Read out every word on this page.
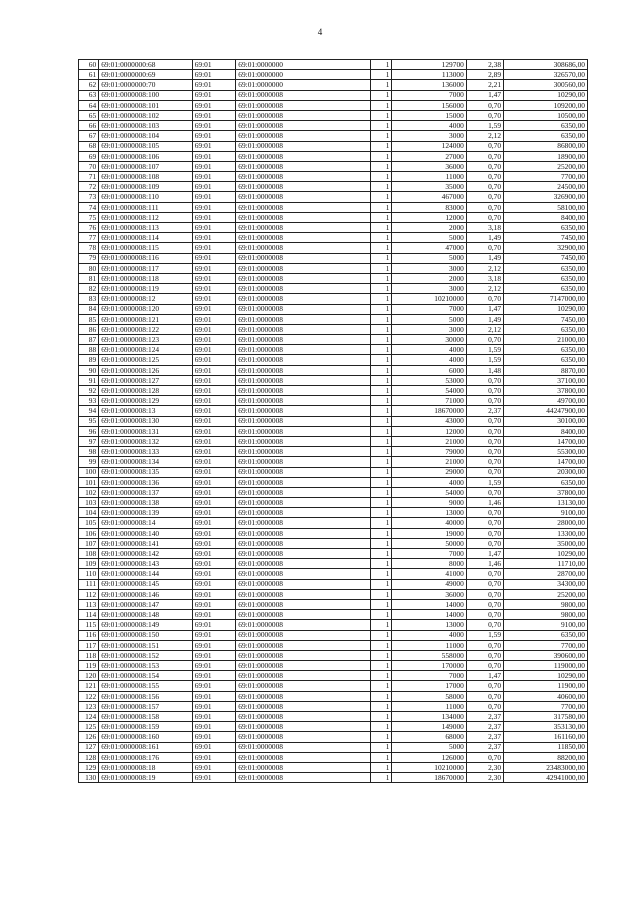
4
60	69:01:0000000:68	69:01	69:01:0000000	1	129700	2,38	308686,00
61	69:01:0000000:69	69:01	69:01:0000000	1	113000	2,89	326570,00
62	69:01:0000000:70	69:01	69:01:0000000	1	136000	2,21	300560,00
63	69:01:0000008:100	69:01	69:01:0000008	1	7000	1,47	10290,00
64	69:01:0000008:101	69:01	69:01:0000008	1	156000	0,70	109200,00
65	69:01:0000008:102	69:01	69:01:0000008	1	15000	0,70	10500,00
66	69:01:0000008:103	69:01	69:01:0000008	1	4000	1,59	6350,00
67	69:01:0000008:104	69:01	69:01:0000008	1	3000	2,12	6350,00
68	69:01:0000008:105	69:01	69:01:0000008	1	124000	0,70	86800,00
69	69:01:0000008:106	69:01	69:01:0000008	1	27000	0,70	18900,00
70	69:01:0000008:107	69:01	69:01:0000008	1	36000	0,70	25200,00
71	69:01:0000008:108	69:01	69:01:0000008	1	11000	0,70	7700,00
72	69:01:0000008:109	69:01	69:01:0000008	1	35000	0,70	24500,00
73	69:01:0000008:110	69:01	69:01:0000008	1	467000	0,70	326900,00
74	69:01:0000008:111	69:01	69:01:0000008	1	83000	0,70	58100,00
75	69:01:0000008:112	69:01	69:01:0000008	1	12000	0,70	8400,00
76	69:01:0000008:113	69:01	69:01:0000008	1	2000	3,18	6350,00
77	69:01:0000008:114	69:01	69:01:0000008	1	5000	1,49	7450,00
78	69:01:0000008:115	69:01	69:01:0000008	1	47000	0,70	32900,00
79	69:01:0000008:116	69:01	69:01:0000008	1	5000	1,49	7450,00
80	69:01:0000008:117	69:01	69:01:0000008	1	3000	2,12	6350,00
81	69:01:0000008:118	69:01	69:01:0000008	1	2000	3,18	6350,00
82	69:01:0000008:119	69:01	69:01:0000008	1	3000	2,12	6350,00
83	69:01:0000008:12	69:01	69:01:0000008	1	10210000	0,70	7147000,00
84	69:01:0000008:120	69:01	69:01:0000008	1	7000	1,47	10290,00
85	69:01:0000008:121	69:01	69:01:0000008	1	5000	1,49	7450,00
86	69:01:0000008:122	69:01	69:01:0000008	1	3000	2,12	6350,00
87	69:01:0000008:123	69:01	69:01:0000008	1	30000	0,70	21000,00
88	69:01:0000008:124	69:01	69:01:0000008	1	4000	1,59	6350,00
89	69:01:0000008:125	69:01	69:01:0000008	1	4000	1,59	6350,00
90	69:01:0000008:126	69:01	69:01:0000008	1	6000	1,48	8870,00
91	69:01:0000008:127	69:01	69:01:0000008	1	53000	0,70	37100,00
92	69:01:0000008:128	69:01	69:01:0000008	1	54000	0,70	37800,00
93	69:01:0000008:129	69:01	69:01:0000008	1	71000	0,70	49700,00
94	69:01:0000008:13	69:01	69:01:0000008	1	18670000	2,37	44247900,00
95	69:01:0000008:130	69:01	69:01:0000008	1	43000	0,70	30100,00
96	69:01:0000008:131	69:01	69:01:0000008	1	12000	0,70	8400,00
97	69:01:0000008:132	69:01	69:01:0000008	1	21000	0,70	14700,00
98	69:01:0000008:133	69:01	69:01:0000008	1	79000	0,70	55300,00
99	69:01:0000008:134	69:01	69:01:0000008	1	21000	0,70	14700,00
100	69:01:0000008:135	69:01	69:01:0000008	1	29000	0,70	20300,00
101	69:01:0000008:136	69:01	69:01:0000008	1	4000	1,59	6350,00
102	69:01:0000008:137	69:01	69:01:0000008	1	54000	0,70	37800,00
103	69:01:0000008:138	69:01	69:01:0000008	1	9000	1,46	13130,00
104	69:01:0000008:139	69:01	69:01:0000008	1	13000	0,70	9100,00
105	69:01:0000008:14	69:01	69:01:0000008	1	40000	0,70	28000,00
106	69:01:0000008:140	69:01	69:01:0000008	1	19000	0,70	13300,00
107	69:01:0000008:141	69:01	69:01:0000008	1	50000	0,70	35000,00
108	69:01:0000008:142	69:01	69:01:0000008	1	7000	1,47	10290,00
109	69:01:0000008:143	69:01	69:01:0000008	1	8000	1,46	11710,00
110	69:01:0000008:144	69:01	69:01:0000008	1	41000	0,70	28700,00
111	69:01:0000008:145	69:01	69:01:0000008	1	49000	0,70	34300,00
112	69:01:0000008:146	69:01	69:01:0000008	1	36000	0,70	25200,00
113	69:01:0000008:147	69:01	69:01:0000008	1	14000	0,70	9800,00
114	69:01:0000008:148	69:01	69:01:0000008	1	14000	0,70	9800,00
115	69:01:0000008:149	69:01	69:01:0000008	1	13000	0,70	9100,00
116	69:01:0000008:150	69:01	69:01:0000008	1	4000	1,59	6350,00
117	69:01:0000008:151	69:01	69:01:0000008	1	11000	0,70	7700,00
118	69:01:0000008:152	69:01	69:01:0000008	1	558000	0,70	390600,00
119	69:01:0000008:153	69:01	69:01:0000008	1	170000	0,70	119000,00
120	69:01:0000008:154	69:01	69:01:0000008	1	7000	1,47	10290,00
121	69:01:0000008:155	69:01	69:01:0000008	1	17000	0,70	11900,00
122	69:01:0000008:156	69:01	69:01:0000008	1	58000	0,70	40600,00
123	69:01:0000008:157	69:01	69:01:0000008	1	11000	0,70	7700,00
124	69:01:0000008:158	69:01	69:01:0000008	1	134000	2,37	317580,00
125	69:01:0000008:159	69:01	69:01:0000008	1	149000	2,37	353130,00
126	69:01:0000008:160	69:01	69:01:0000008	1	68000	2,37	161160,00
127	69:01:0000008:161	69:01	69:01:0000008	1	5000	2,37	11850,00
128	69:01:0000008:176	69:01	69:01:0000008	1	126000	0,70	88200,00
129	69:01:0000008:18	69:01	69:01:0000008	1	10210000	2,30	23483000,00
130	69:01:0000008:19	69:01	69:01:0000008	1	18670000	2,30	42941000,00
